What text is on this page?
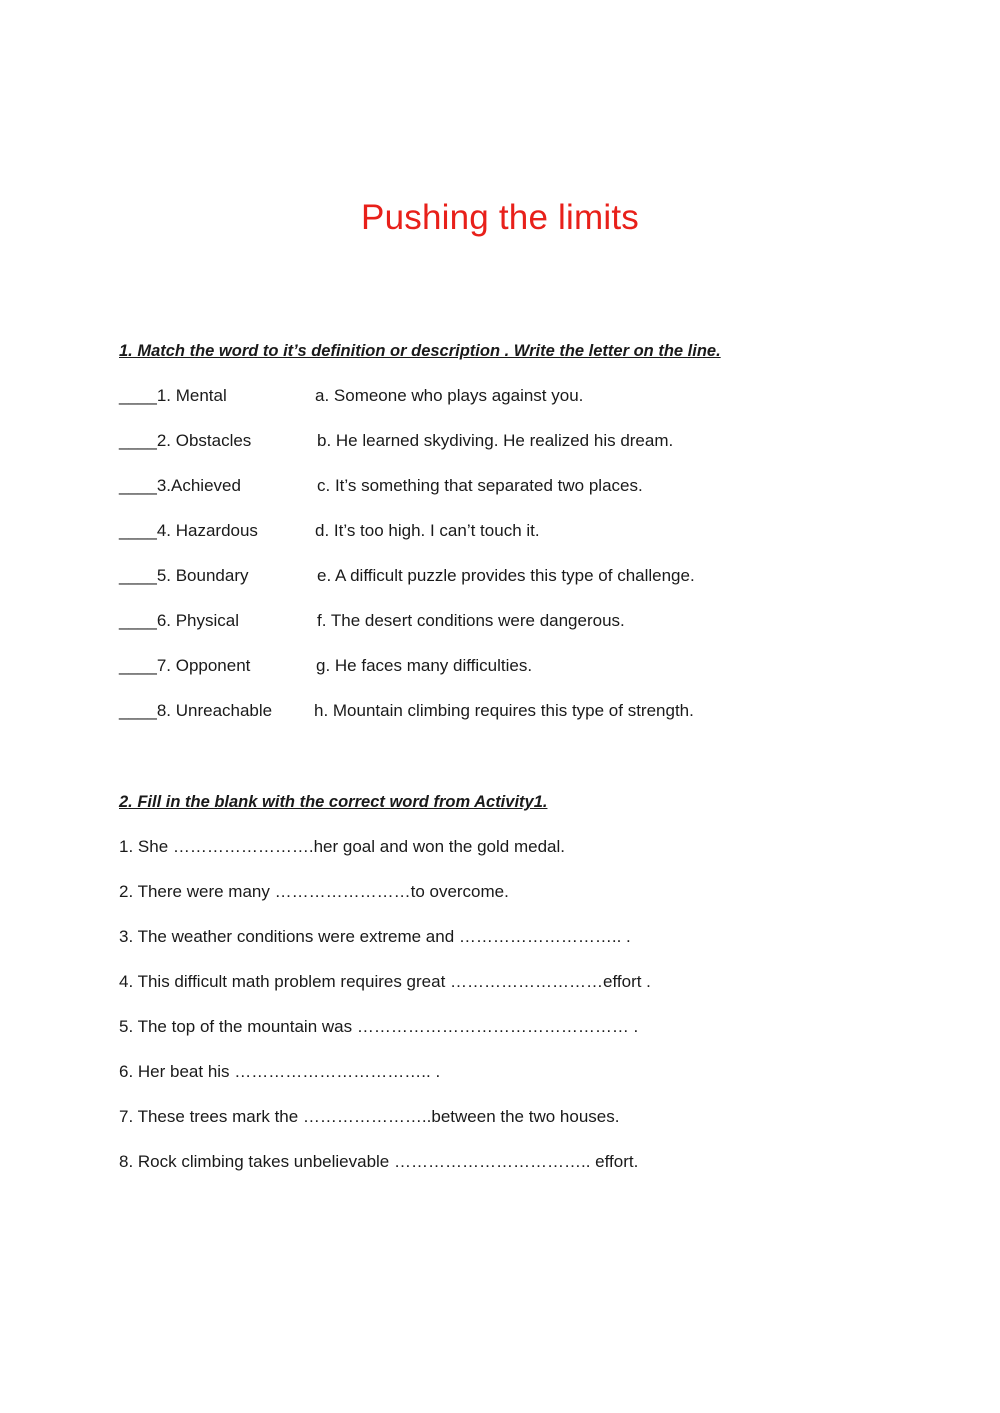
Pushing the limits
1. Match the word to it’s definition or description . Write the letter on the line.
____1. Mental	a. Someone who plays against you.
____2. Obstacles	b. He learned skydiving. He realized his dream.
____3.Achieved	c. It’s something that separated two places.
____4. Hazardous	d. It’s too high. I can’t touch it.
____5. Boundary	e. A difficult puzzle provides this type of challenge.
____6. Physical	f. The desert conditions were dangerous.
____7. Opponent	g. He faces many difficulties.
____8. Unreachable h. Mountain climbing requires this type of strength.
2. Fill in the blank with the correct word from Activity1.
1. She …………………….her goal and won the gold medal.
2. There were many ……………………to overcome.
3. The weather conditions were extreme and ……………………….. .
4. This difficult math problem requires great ………………………effort .
5. The top of the mountain was ………………………………………… .
6. Her beat his …………………………….. .
7. These trees mark the …………………..between the two houses.
8. Rock climbing takes unbelievable …………………………….. effort.
